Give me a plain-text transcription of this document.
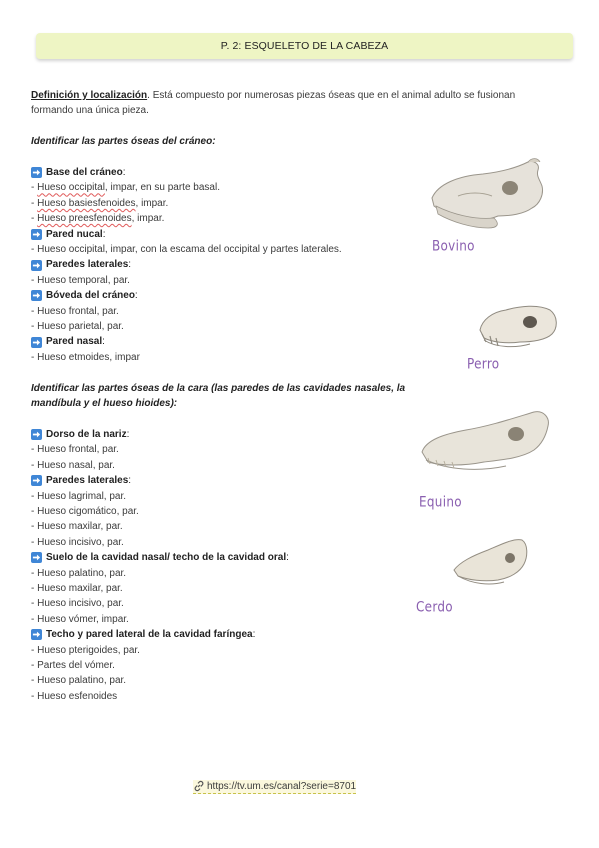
P. 2: ESQUELETO DE LA CABEZA
Definición y localización. Está compuesto por numerosas piezas óseas que en el animal adulto se fusionan
formando una única pieza.
Identificar las partes óseas del cráneo:
Base del cráneo :
- Hueso occipital, impar, en su parte basal.
- Hueso basiesfenoides, impar.
- Hueso preesfenoides, impar.
Pared nucal :
- Hueso occipital, impar, con la escama del occipital y partes laterales.
Paredes laterales :
- Hueso temporal, par.
Bóveda del cráneo :
- Hueso frontal, par.
- Hueso parietal, par.
Pared nasal :
- Hueso etmoides, impar
Identificar las partes óseas de la cara (las paredes de las cavidades nasales, la
mandíbula y el hueso hioides):
Dorso de la nariz :
- Hueso frontal, par.
- Hueso nasal, par.
Paredes laterales :
- Hueso lagrimal, par.
- Hueso cigomático, par.
- Hueso maxilar, par.
- Hueso incisivo, par.
Suelo de la cavidad nasal/ techo de la cavidad oral :
- Hueso palatino, par.
- Hueso maxilar, par.
- Hueso incisivo, par.
- Hueso vómer, impar.
Techo y pared lateral de la cavidad faríngea :
- Hueso pterigoides, par.
- Partes del vómer.
- Hueso palatino, par.
- Hueso esfenoides
Bovino
Perro
Equino
Cerdo
https://tv.um.es/canal?serie=8701
